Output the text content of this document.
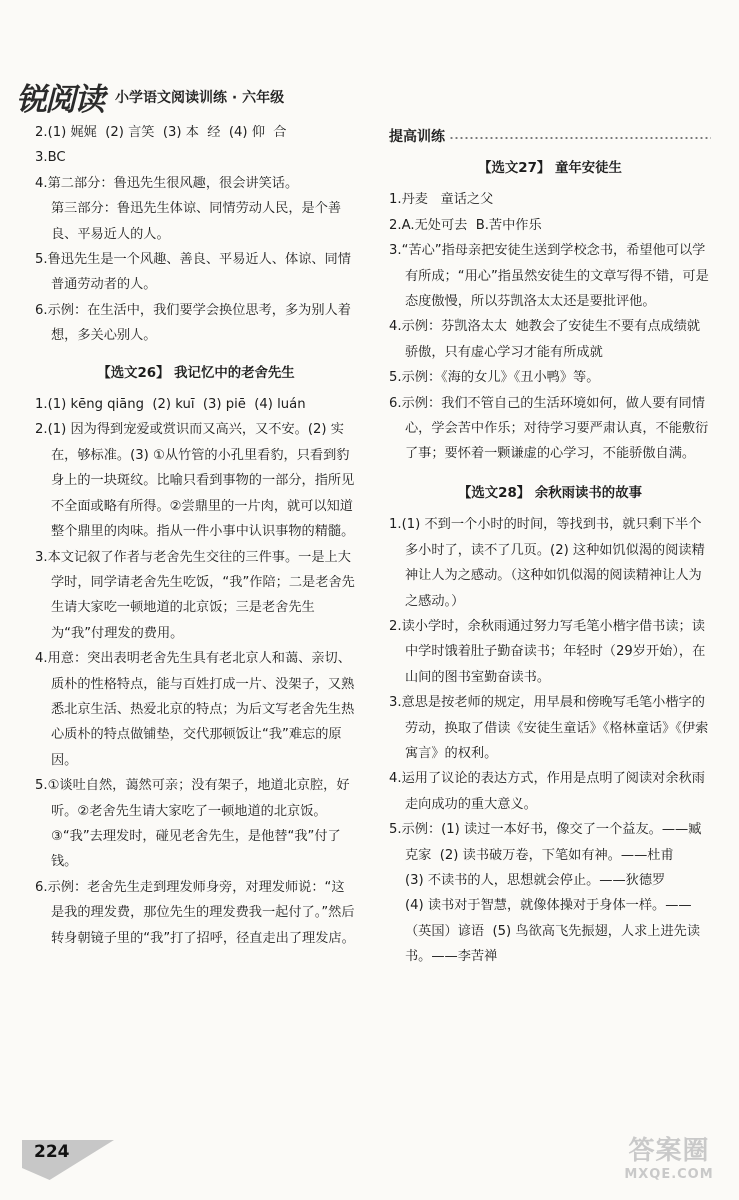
锐阅读 小学语文阅读训练 · 六年级

2.(1) 娓娓  (2) 言笑  (3) 本  经  (4) 仰  合

3.BC

4.第二部分：鲁迅先生很风趣，很会讲笑话。

第三部分：鲁迅先生体谅、同情劳动人民，是个善良、平易近人的人。

5.鲁迅先生是一个风趣、善良、平易近人、体谅、同情普通劳动者的人。

6.示例：在生活中，我们要学会换位思考，多为别人着想，多关心别人。

【选文26】 我记忆中的老舍先生

1.(1) kēng qiāng  (2) kuī  (3) piē  (4) luán

2.(1) 因为得到宠爱或赏识而又高兴，又不安。(2) 实在，够标准。(3) ①从竹管的小孔里看豹，只看到豹身上的一块斑纹。比喻只看到事物的一部分，指所见不全面或略有所得。②尝鼎里的一片肉，就可以知道整个鼎里的肉味。指从一件小事中认识事物的精髓。

3.本文记叙了作者与老舍先生交往的三件事。一是上大学时，同学请老舍先生吃饭，“我”作陪；二是老舍先生请大家吃一顿地道的北京饭；三是老舍先生为“我”付理发的费用。

4.用意：突出表明老舍先生具有老北京人和蔼、亲切、质朴的性格特点，能与百姓打成一片、没架子，又熟悉北京生活、热爱北京的特点；为后文写老舍先生热心质朴的特点做铺垫，交代那顿饭让“我”难忘的原因。

5.①谈吐自然，蔼然可亲；没有架子，地道北京腔，好听。②老舍先生请大家吃了一顿地道的北京饭。③“我”去理发时，碰见老舍先生，是他替“我”付了钱。

6.示例：老舍先生走到理发师身旁，对理发师说：“这是我的理发费，那位先生的理发费我一起付了。”然后转身朝镜子里的“我”打了招呼，径直走出了理发店。

提高训练
【选文27】 童年安徒生

1.丹麦   童话之父

2.A.无处可去  B.苦中作乐

3.“苦心”指母亲把安徒生送到学校念书，希望他可以学有所成；“用心”指虽然安徒生的文章写得不错，可是态度傲慢，所以芬凯洛太太还是要批评他。

4.示例：芬凯洛太太  她教会了安徒生不要有点成绩就骄傲，只有虚心学习才能有所成就

5.示例：《海的女儿》《丑小鸭》等。

6.示例：我们不管自己的生活环境如何，做人要有同情心，学会苦中作乐；对待学习要严肃认真，不能敷衍了事；要怀着一颗谦虚的心学习，不能骄傲自满。

【选文28】 余秋雨读书的故事

1.(1) 不到一个小时的时间，等找到书，就只剩下半个多小时了，读不了几页。(2) 这种如饥似渴的阅读精神让人为之感动。（这种如饥似渴的阅读精神让人为之感动。）

2.读小学时，余秋雨通过努力写毛笔小楷字借书读；读中学时饿着肚子勤奋读书；年轻时（29岁开始），在山间的图书室勤奋读书。

3.意思是按老师的规定，用早晨和傍晚写毛笔小楷字的劳动，换取了借读《安徒生童话》《格林童话》《伊索寓言》的权利。

4.运用了议论的表达方式，作用是点明了阅读对余秋雨走向成功的重大意义。

5.示例：(1) 读过一本好书，像交了一个益友。——臧克家  (2) 读书破万卷，下笔如有神。——杜甫

(3) 不读书的人，思想就会停止。——狄德罗

(4) 读书对于智慧，就像体操对于身体一样。——（英国）谚语  (5) 鸟欲高飞先振翅，人求上进先读书。——李苦禅

224	答案圈
MXQE.COM
